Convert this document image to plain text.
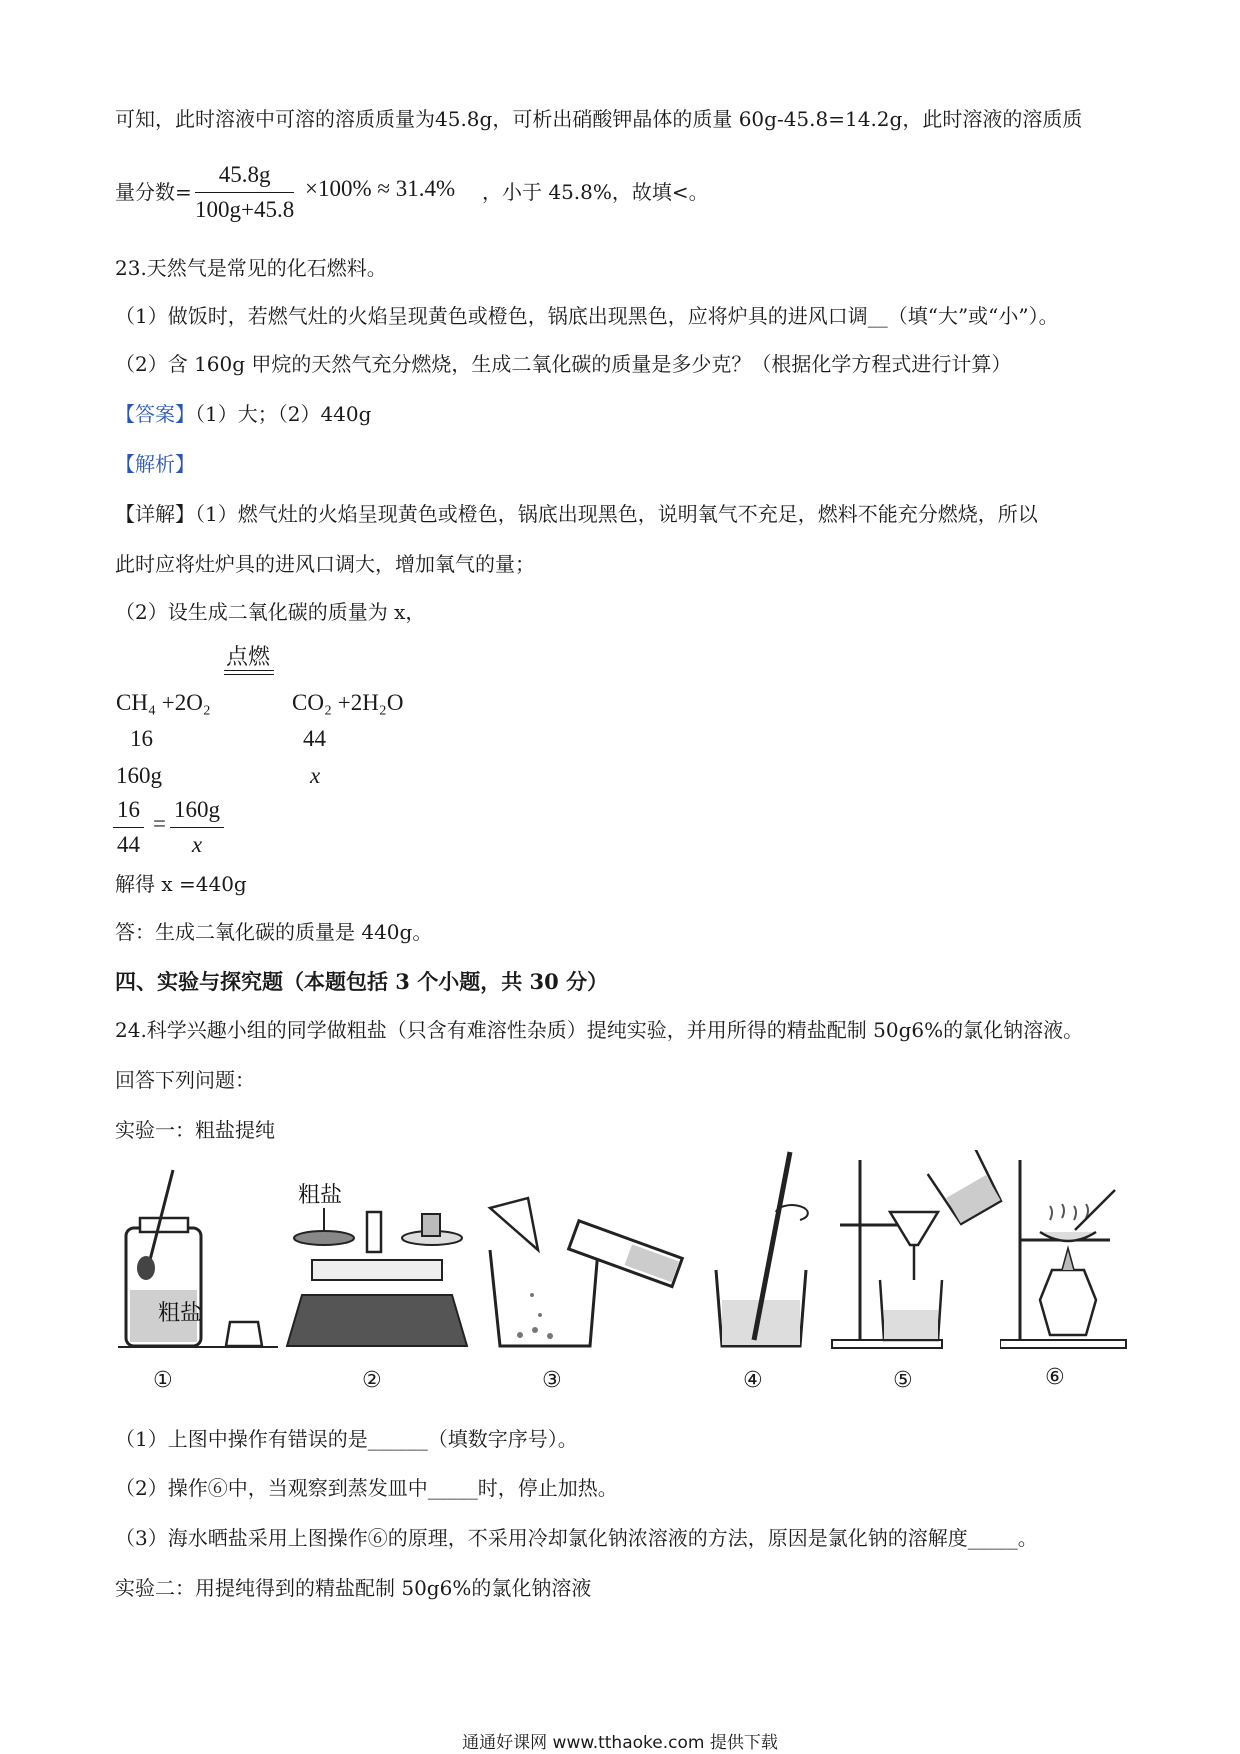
可知，此时溶液中可溶的溶质质量为45.8g，可析出硝酸钾晶体的质量 60g-45.8=14.2g，此时溶液的溶质质
量分数= $\frac{45.8g}{100g+45.8} \times 100\% \approx 31.4\%$ ，小于 45.8%，故填<。
23.天然气是常见的化石燃料。
（1）做饭时，若燃气灶的火焰呈现黄色或橙色，锅底出现黑色，应将炉具的进风口调__（填“大”或“小”）。
（2）含 160g 甲烷的天然气充分燃烧，生成二氧化碳的质量是多少克？（根据化学方程式进行计算）
【答案】（1）大；（2）440g
【解析】
【详解】（1）燃气灶的火焰呈现黄色或橙色，锅底出现黑色，说明氧气不充足，燃料不能充分燃烧，所以
此时应将灶炉具的进风口调大，增加氧气的量；
（2）设生成二氧化碳的质量为 x，
点燃
CH₄ +2O₂	CO₂ +2H₂O
16	44
160g	x
$\frac{16}{44} = \frac{160g}{x}$
解得 x =440g
答：生成二氧化碳的质量是 440g。
四、实验与探究题（本题包括 3 个小题，共 30 分）
24.科学兴趣小组的同学做粗盐（只含有难溶性杂质）提纯实验，并用所得的精盐配制 50g6%的氯化钠溶液。
回答下列问题：
实验一：粗盐提纯
粗盐
粗盐
①	②	③	④	⑤	⑥
（1）上图中操作有错误的是______（填数字序号）。
（2）操作⑥中，当观察到蒸发皿中_____时，停止加热。
（3）海水晒盐采用上图操作⑥的原理，不采用冷却氯化钠浓溶液的方法，原因是氯化钠的溶解度_____。
实验二：用提纯得到的精盐配制 50g6%的氯化钠溶液
通通好课网 www.tthaoke.com 提供下载
